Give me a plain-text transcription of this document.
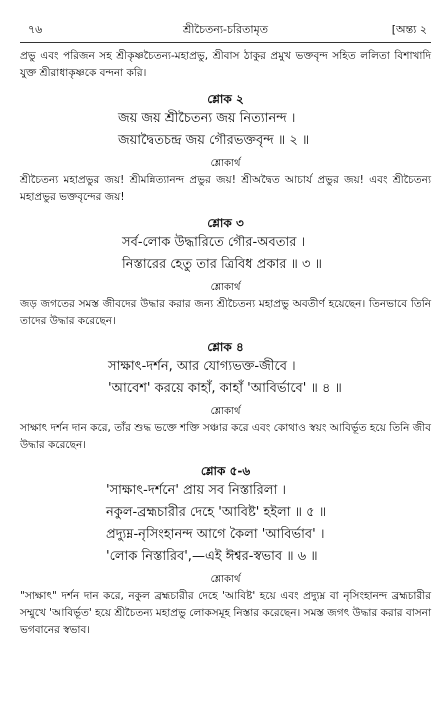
৭৬	শ্রীচৈতন্য-চরিতামৃত	[অন্ত্য ২

প্রভু এবং পরিজন সহ শ্রীকৃষ্ণচৈতন্য-মহাপ্রভু, শ্রীবাস ঠাকুর প্রমুখ ভক্তবৃন্দ সহিত ললিতা বিশাখাদি যুক্ত শ্রীরাধাকৃষ্ণকে বন্দনা করি।

শ্লোক ২
জয় জয় শ্রীচৈতন্য জয় নিত্যানন্দ ।
জয়াদ্বৈতচন্দ্র জয় গৌরভক্তবৃন্দ ॥ ২ ॥
শ্লোকার্থ

শ্রীচৈতন্য মহাপ্রভুর জয়! শ্রীমন্নিত্যানন্দ প্রভুর জয়! শ্রীঅদ্বৈত আচার্য প্রভুর জয়! এবং শ্রীচৈতন্য মহাপ্রভুর ভক্তবৃন্দের জয়!

শ্লোক ৩
সর্ব-লোক উদ্ধারিতে গৌর-অবতার ।
নিস্তারের হেতু তার ত্রিবিধ প্রকার ॥ ৩ ॥
শ্লোকার্থ

জড় জগতের সমস্ত জীবদের উদ্ধার করার জন্য শ্রীচৈতন্য মহাপ্রভু অবতীর্ণ হয়েছেন। তিনভাবে তিনি তাদের উদ্ধার করেছেন।

শ্লোক ৪
সাক্ষাৎ-দর্শন, আর যোগ্যভক্ত-জীবে ।
'আবেশ' করয়ে কাহাঁ, কাহাঁ 'আবির্ভাবে' ॥ ৪ ॥
শ্লোকার্থ

সাক্ষাৎ দর্শন দান করে, তাঁর শুদ্ধ ভক্তে শক্তি সঞ্চার করে এবং কোথাও স্বয়ং আবির্ভূত হয়ে তিনি জীব উদ্ধার করেছেন।

শ্লোক ৫-৬
'সাক্ষাৎ-দর্শনে' প্রায় সব নিস্তারিলা ।
নকুল-ব্রহ্মচারীর দেহে 'আবিষ্ট' হইলা ॥ ৫ ॥
প্রদ্যুম্ন-নৃসিংহানন্দ আগে কৈলা 'আবির্ভাব' ।
'লোক নিস্তারিব',—এই ঈশ্বর-স্বভাব ॥ ৬ ॥
শ্লোকার্থ

"সাক্ষাৎ" দর্শন দান করে, নকুল ব্রহ্মচারীর দেহে 'আবিষ্ট' হয়ে এবং প্রদ্যুম্ন বা নৃসিংহানন্দ ব্রহ্মচারীর সম্মুখে 'আবির্ভূত' হয়ে শ্রীচৈতন্য মহাপ্রভু লোকসমূহ নিস্তার করেছেন। সমস্ত জগৎ উদ্ধার করার বাসনা ভগবানের স্বভাব।
